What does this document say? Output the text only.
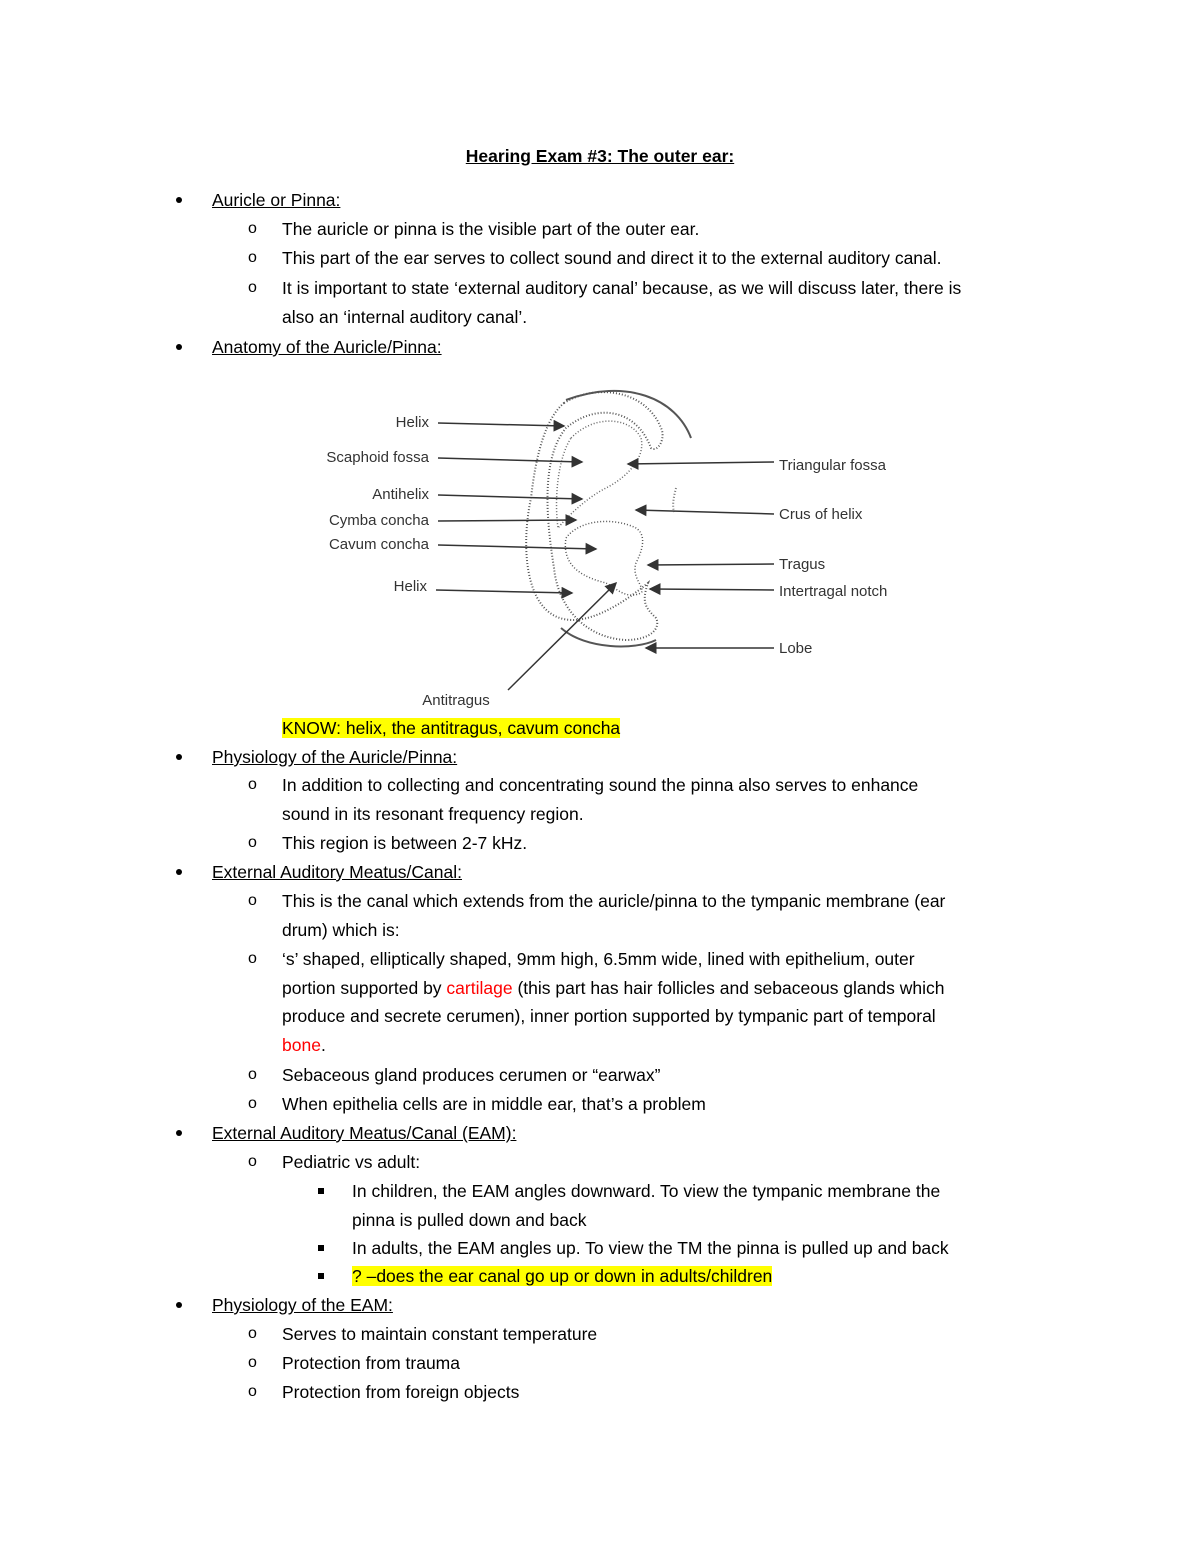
Hearing Exam #3: The outer ear:
Auricle or Pinna:
o The auricle or pinna is the visible part of the outer ear.
o This part of the ear serves to collect sound and direct it to the external auditory canal.
o It is important to state ‘external auditory canal’ because, as we will discuss later, there is
also an ‘internal auditory canal’.
Anatomy of the Auricle/Pinna:
Helix
Scaphoid fossa
Antihelix
Cymba concha
Cavum concha
Helix
Antitragus
Triangular fossa
Crus of helix
Tragus
Intertragal notch
Lobe
KNOW: helix, the antitragus, cavum concha
Physiology of the Auricle/Pinna:
o In addition to collecting and concentrating sound the pinna also serves to enhance
sound in its resonant frequency region.
o This region is between 2-7 kHz.
External Auditory Meatus/Canal:
o This is the canal which extends from the auricle/pinna to the tympanic membrane (ear
drum) which is:
o ‘s’ shaped, elliptically shaped, 9mm high, 6.5mm wide, lined with epithelium, outer
portion supported by cartilage (this part has hair follicles and sebaceous glands which
produce and secrete cerumen), inner portion supported by tympanic part of temporal
bone.
o Sebaceous gland produces cerumen or “earwax”
o When epithelia cells are in middle ear, that’s a problem
External Auditory Meatus/Canal (EAM):
o Pediatric vs adult:
In children, the EAM angles downward. To view the tympanic membrane the
pinna is pulled down and back
In adults, the EAM angles up. To view the TM the pinna is pulled up and back
? –does the ear canal go up or down in adults/children
Physiology of the EAM:
o Serves to maintain constant temperature
o Protection from trauma
o Protection from foreign objects
